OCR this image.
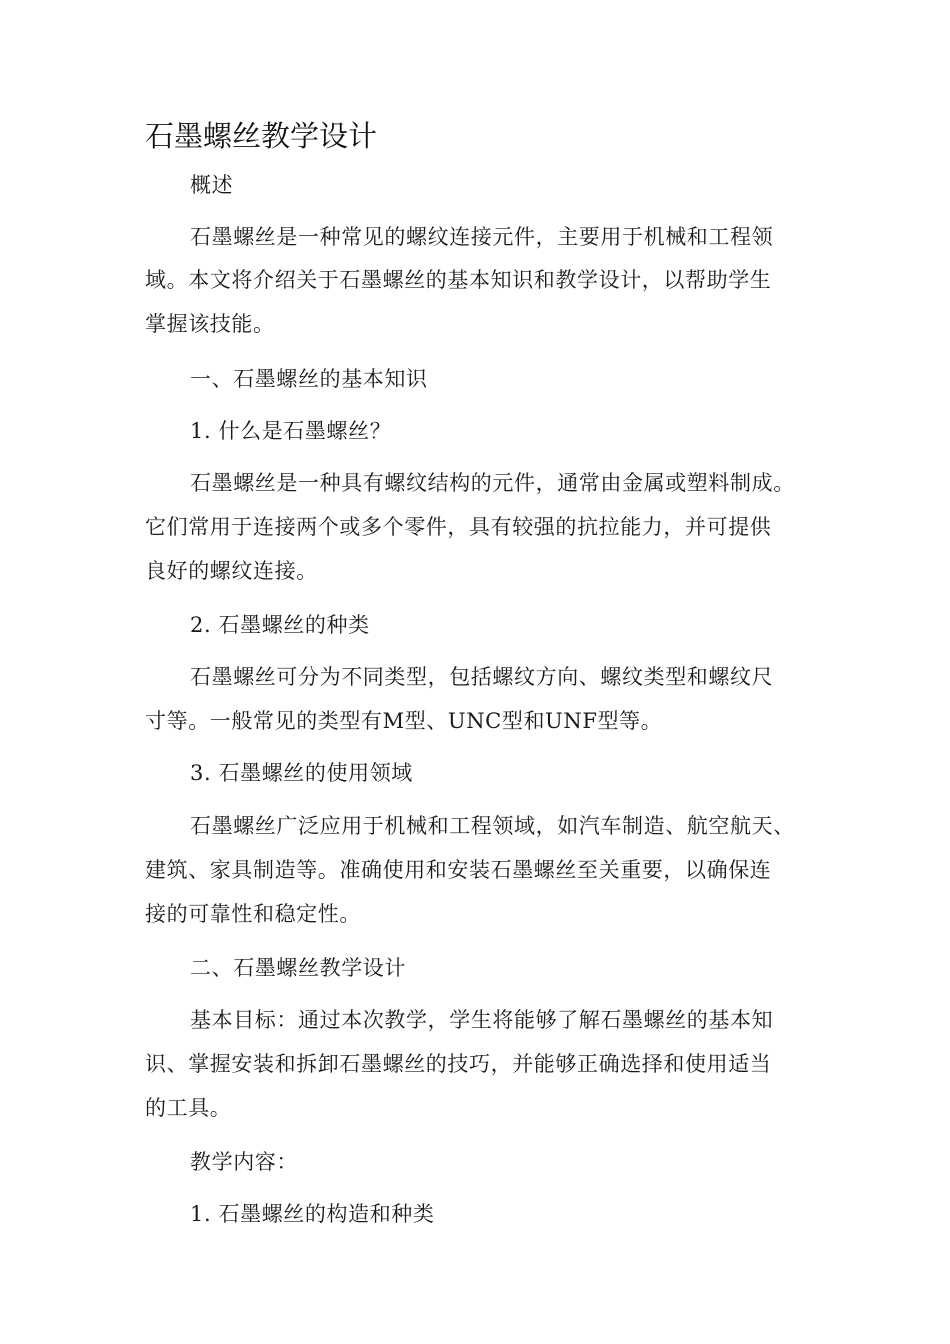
石墨螺丝教学设计
概述
石墨螺丝是一种常见的螺纹连接元件，主要用于机械和工程领
域。本文将介绍关于石墨螺丝的基本知识和教学设计，以帮助学生
掌握该技能。
一、石墨螺丝的基本知识
1. 什么是石墨螺丝？
石墨螺丝是一种具有螺纹结构的元件，通常由金属或塑料制成。
它们常用于连接两个或多个零件，具有较强的抗拉能力，并可提供
良好的螺纹连接。
2. 石墨螺丝的种类
石墨螺丝可分为不同类型，包括螺纹方向、螺纹类型和螺纹尺
寸等。一般常见的类型有M型、UNC型和UNF型等。
3. 石墨螺丝的使用领域
石墨螺丝广泛应用于机械和工程领域，如汽车制造、航空航天、
建筑、家具制造等。准确使用和安装石墨螺丝至关重要，以确保连
接的可靠性和稳定性。
二、石墨螺丝教学设计
基本目标：通过本次教学，学生将能够了解石墨螺丝的基本知
识、掌握安装和拆卸石墨螺丝的技巧，并能够正确选择和使用适当
的工具。
教学内容：
1. 石墨螺丝的构造和种类
